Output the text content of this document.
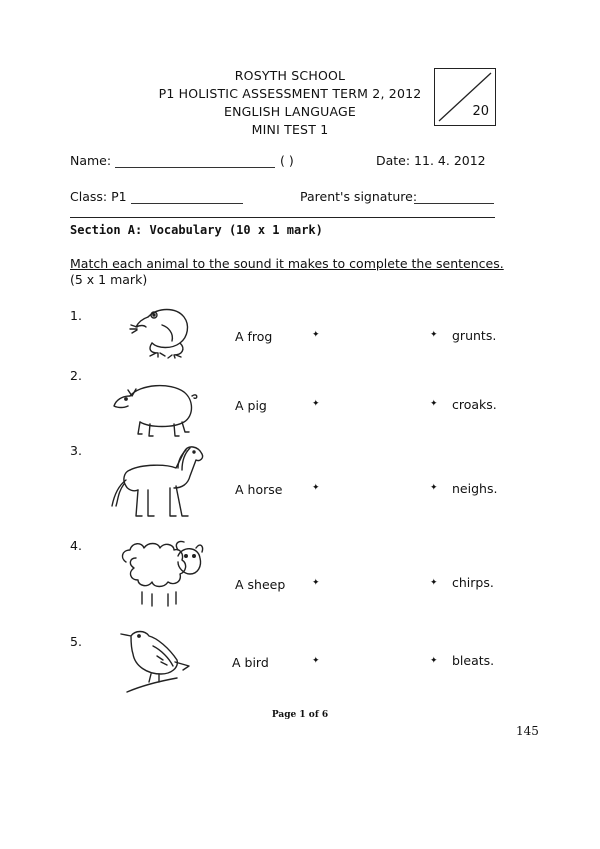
ROSYTH SCHOOL
P1 HOLISTIC ASSESSMENT TERM 2, 2012
ENGLISH LANGUAGE
MINI TEST 1
20
Name:	( )	Date: 11. 4. 2012
Class: P1	Parent's signature:
Section A: Vocabulary (10 x 1 mark)
Match each animal to the sound it makes to complete the sentences.
(5 x 1 mark)
1.
A frog	✦	✦ grunts.
2.
A pig	✦	✦ croaks.
3.
A horse	✦	✦ neighs.
4.
A sheep	✦	✦ chirps.
5.
A bird	✦	✦ bleats.
Page 1 of 6
145
